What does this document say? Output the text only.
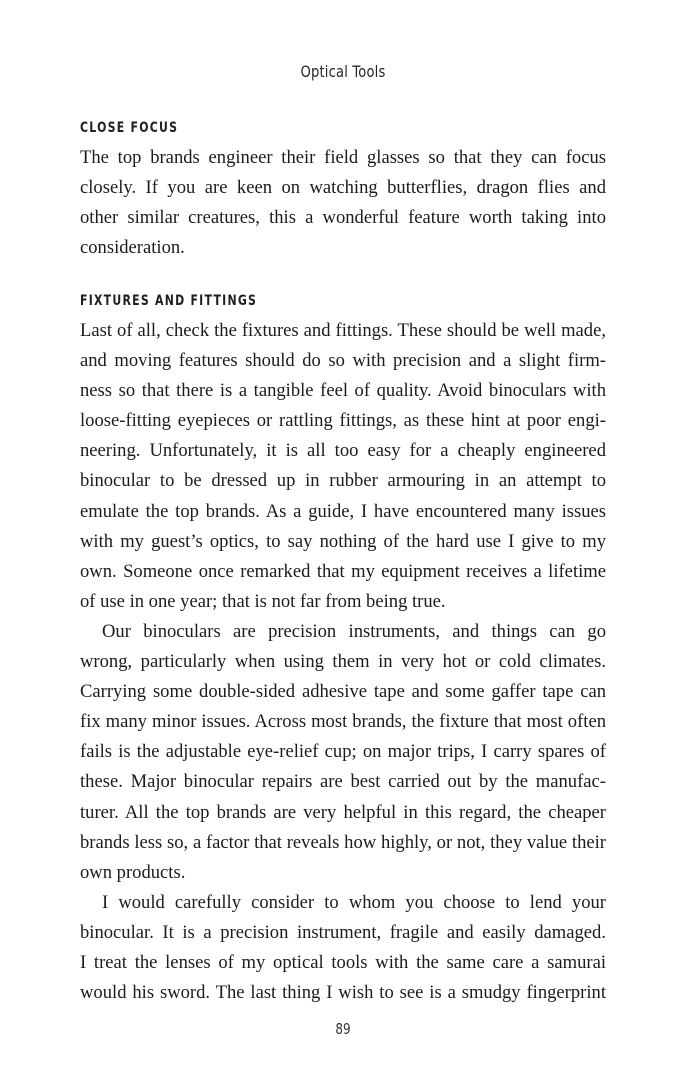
Optical Tools
CLOSE FOCUS

The top brands engineer their field glasses so that they can focus
closely. If you are keen on watching butterflies, dragon flies and
other similar creatures, this a wonderful feature worth taking into
consideration.

FIXTURES AND FITTINGS

Last of all, check the fixtures and fittings. These should be well made,
and moving features should do so with precision and a slight firm-
ness so that there is a tangible feel of quality. Avoid binoculars with
loose-fitting eyepieces or rattling fittings, as these hint at poor engi-
neering. Unfortunately, it is all too easy for a cheaply engineered
binocular to be dressed up in rubber armouring in an attempt to
emulate the top brands. As a guide, I have encountered many issues
with my guest’s optics, to say nothing of the hard use I give to my
own. Someone once remarked that my equipment receives a lifetime
of use in one year; that is not far from being true.

Our binoculars are precision instruments, and things can go
wrong, particularly when using them in very hot or cold climates.
Carrying some double-sided adhesive tape and some gaffer tape can
fix many minor issues. Across most brands, the fixture that most often
fails is the adjustable eye-relief cup; on major trips, I carry spares of
these. Major binocular repairs are best carried out by the manufac-
turer. All the top brands are very helpful in this regard, the cheaper
brands less so, a factor that reveals how highly, or not, they value their
own products.

I would carefully consider to whom you choose to lend your
binocular. It is a precision instrument, fragile and easily damaged.
I treat the lenses of my optical tools with the same care a samurai
would his sword. The last thing I wish to see is a smudgy fingerprint

89
